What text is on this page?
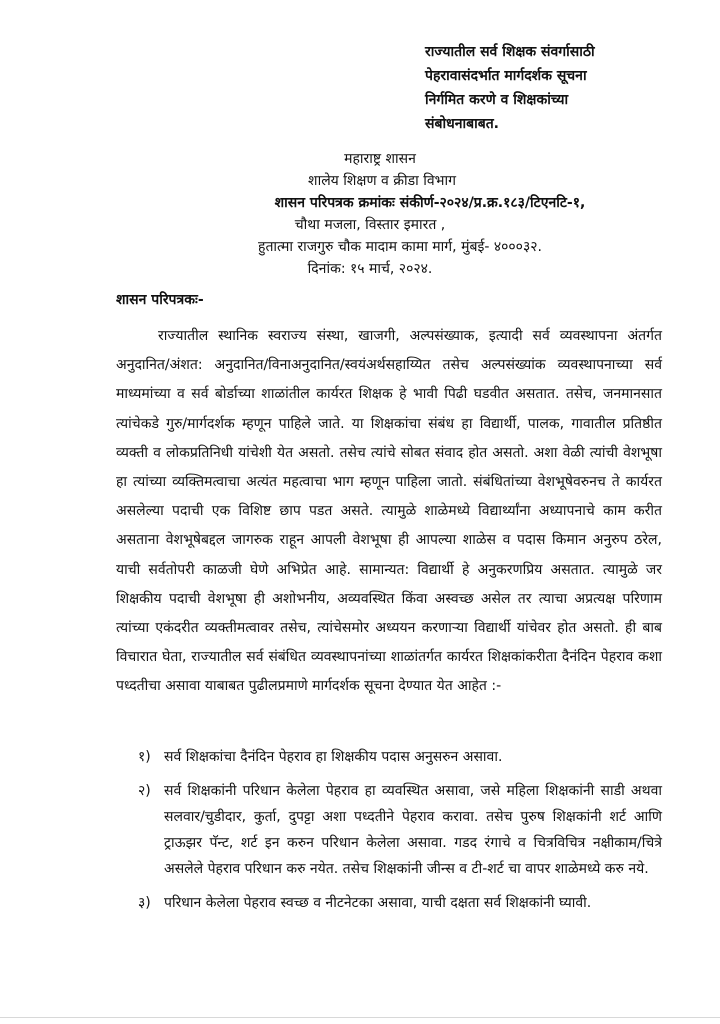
राज्यातील सर्व शिक्षक संवर्गासाठी
पेहरावासंदर्भात मार्गदर्शक सूचना
निर्गमित करणे व शिक्षकांच्या
संबोधनाबाबत.
महाराष्ट्र शासन
शालेय शिक्षण व क्रीडा विभाग
शासन परिपत्रक क्रमांकः संकीर्ण-२०२४/प्र.क्र.१८३/टिएनटि-१,
चौथा मजला, विस्तार इमारत ,
हुतात्मा राजगुरु चौक मादाम कामा मार्ग, मुंबई- ४०००३२.
दिनांक: १५ मार्च, २०२४.
शासन परिपत्रकः-
राज्यातील स्थानिक स्वराज्य संस्था, खाजगी, अल्पसंख्याक, इत्यादी सर्व व्यवस्थापना अंतर्गत अनुदानित/अंशत: अनुदानित/विनाअनुदानित/स्वयंअर्थसहाय्यित तसेच अल्पसंख्यांक व्यवस्थापनाच्या सर्व माध्यमांच्या व सर्व बोर्डाच्या शाळांतील कार्यरत शिक्षक हे भावी पिढी घडवीत असतात. तसेच, जनमानसात त्यांचेकडे गुरु/मार्गदर्शक म्हणून पाहिले जाते. या शिक्षकांचा संबंध हा विद्यार्थी, पालक, गावातील प्रतिष्ठीत व्यक्ती व लोकप्रतिनिधी यांचेशी येत असतो. तसेच त्यांचे सोबत संवाद होत असतो. अशा वेळी त्यांची वेशभूषा हा त्यांच्या व्यक्तिमत्वाचा अत्यंत महत्वाचा भाग म्हणून पाहिला जातो. संबंधितांच्या वेशभूषेवरुनच ते कार्यरत असलेल्या पदाची एक विशिष्ट छाप पडत असते. त्यामुळे शाळेमध्ये विद्यार्थ्यांना अध्यापनाचे काम करीत असताना वेशभूषेबद्दल जागरुक राहून आपली वेशभूषा ही आपल्या शाळेस व पदास किमान अनुरुप ठरेल, याची सर्वतोपरी काळजी घेणे अभिप्रेत आहे. सामान्यत: विद्यार्थी हे अनुकरणप्रिय असतात. त्यामुळे जर शिक्षकीय पदाची वेशभूषा ही अशोभनीय, अव्यवस्थित किंवा अस्वच्छ असेल तर त्याचा अप्रत्यक्ष परिणाम त्यांच्या एकंदरीत व्यक्तीमत्वावर तसेच, त्यांचेसमोर अध्ययन करणाऱ्या विद्यार्थी यांचेवर होत असतो. ही बाब विचारात घेता, राज्यातील सर्व संबंधित व्यवस्थापनांच्या शाळांतर्गत कार्यरत शिक्षकांकरीता दैनंदिन पेहराव कशा पध्दतीचा असावा याबाबत पुढीलप्रमाणे मार्गदर्शक सूचना देण्यात येत आहेत :-
१) सर्व शिक्षकांचा दैनंदिन पेहराव हा शिक्षकीय पदास अनुसरुन असावा.
२) सर्व शिक्षकांनी परिधान केलेला पेहराव हा व्यवस्थित असावा, जसे महिला शिक्षकांनी साडी अथवा सलवार/चुडीदार, कुर्ता, दुपट्टा अशा पध्दतीने पेहराव करावा. तसेच पुरुष शिक्षकांनी शर्ट आणि ट्राऊझर पॅन्ट, शर्ट इन करुन परिधान केलेला असावा. गडद रंगाचे व चित्रविचित्र नक्षीकाम/चित्रे असलेले पेहराव परिधान करु नयेत. तसेच शिक्षकांनी जीन्स व टी-शर्ट चा वापर शाळेमध्ये करु नये.
३) परिधान केलेला पेहराव स्वच्छ व नीटनेटका असावा, याची दक्षता सर्व शिक्षकांनी घ्यावी.
